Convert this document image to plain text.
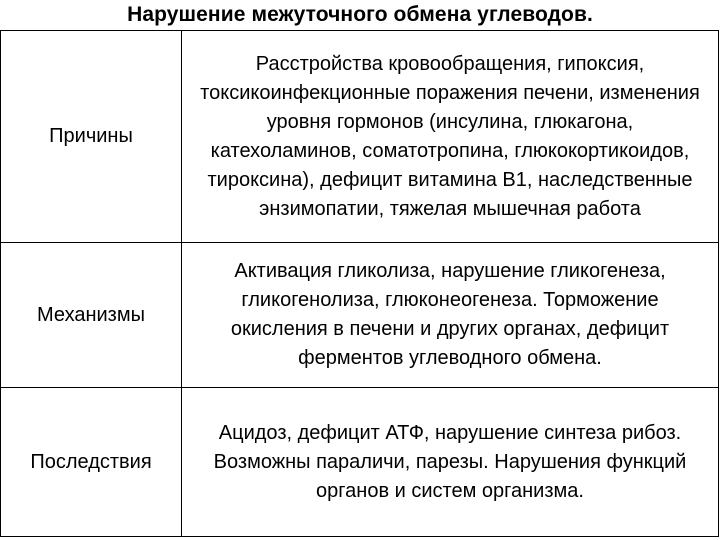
Нарушение межуточного обмена углеводов.
Причины	Расстройства кровообращения, гипоксия, токсикоинфекционные поражения печени, изменения уровня гормонов (инсулина, глюкагона, катехоламинов, соматотропина, глюкокортикоидов, тироксина), дефицит витамина В1, наследственные энзимопатии, тяжелая мышечная работа
Механизмы	Активация гликолиза, нарушение гликогенеза, гликогенолиза, глюконеогенеза. Торможение окисления в печени и других органах, дефицит ферментов углеводного обмена.
Последствия	Ацидоз, дефицит АТФ, нарушение синтеза рибоз. Возможны параличи, парезы. Нарушения функций органов и систем организма.
